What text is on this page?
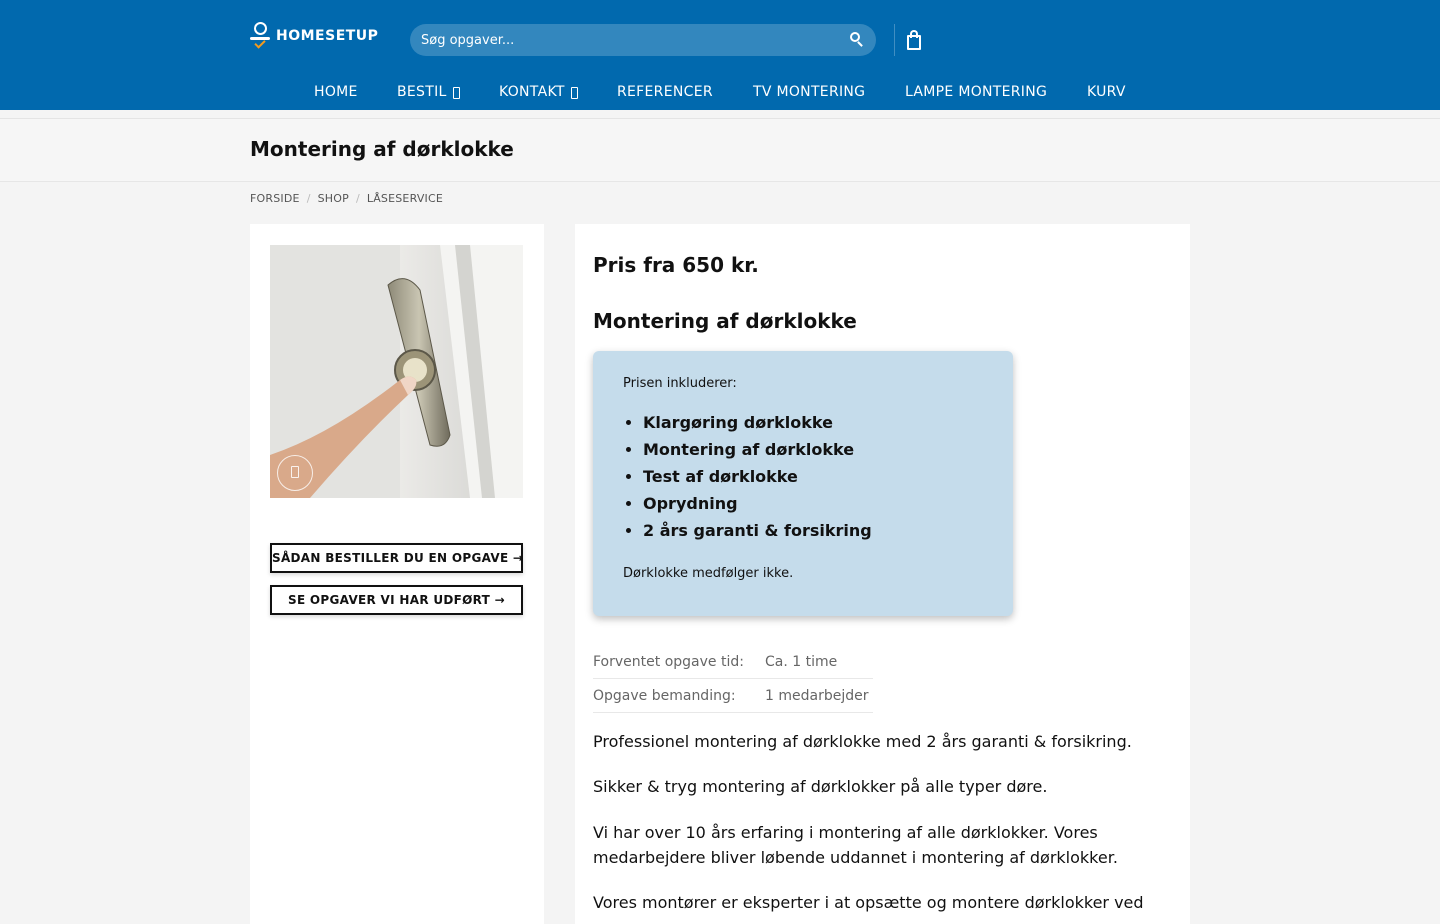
HOMESETUP
Søg opgaver...
HOME	BESTIL	KONTAKT	REFERENCER	TV MONTERING	LAMPE MONTERING	KURV
Montering af dørklokke
FORSIDE / SHOP / LÅSESERVICE
SÅDAN BESTILLER DU EN OPGAVE →
SE OPGAVER VI HAR UDFØRT →
Pris fra 650 kr.
Montering af dørklokke
Prisen inkluderer:
• Klargøring dørklokke
• Montering af dørklokke
• Test af dørklokke
• Oprydning
• 2 års garanti & forsikring
Dørklokke medfølger ikke.
Forventet opgave tid: Ca. 1 time
Opgave bemanding: 1 medarbejder

Professionel montering af dørklokke med 2 års garanti & forsikring.

Sikker & tryg montering af dørklokker på alle typer døre.

Vi har over 10 års erfaring i montering af alle dørklokker. Vores medarbejdere bliver løbende uddannet i montering af dørklokker.

Vores montører er eksperter i at opsætte og montere dørklokker ved
